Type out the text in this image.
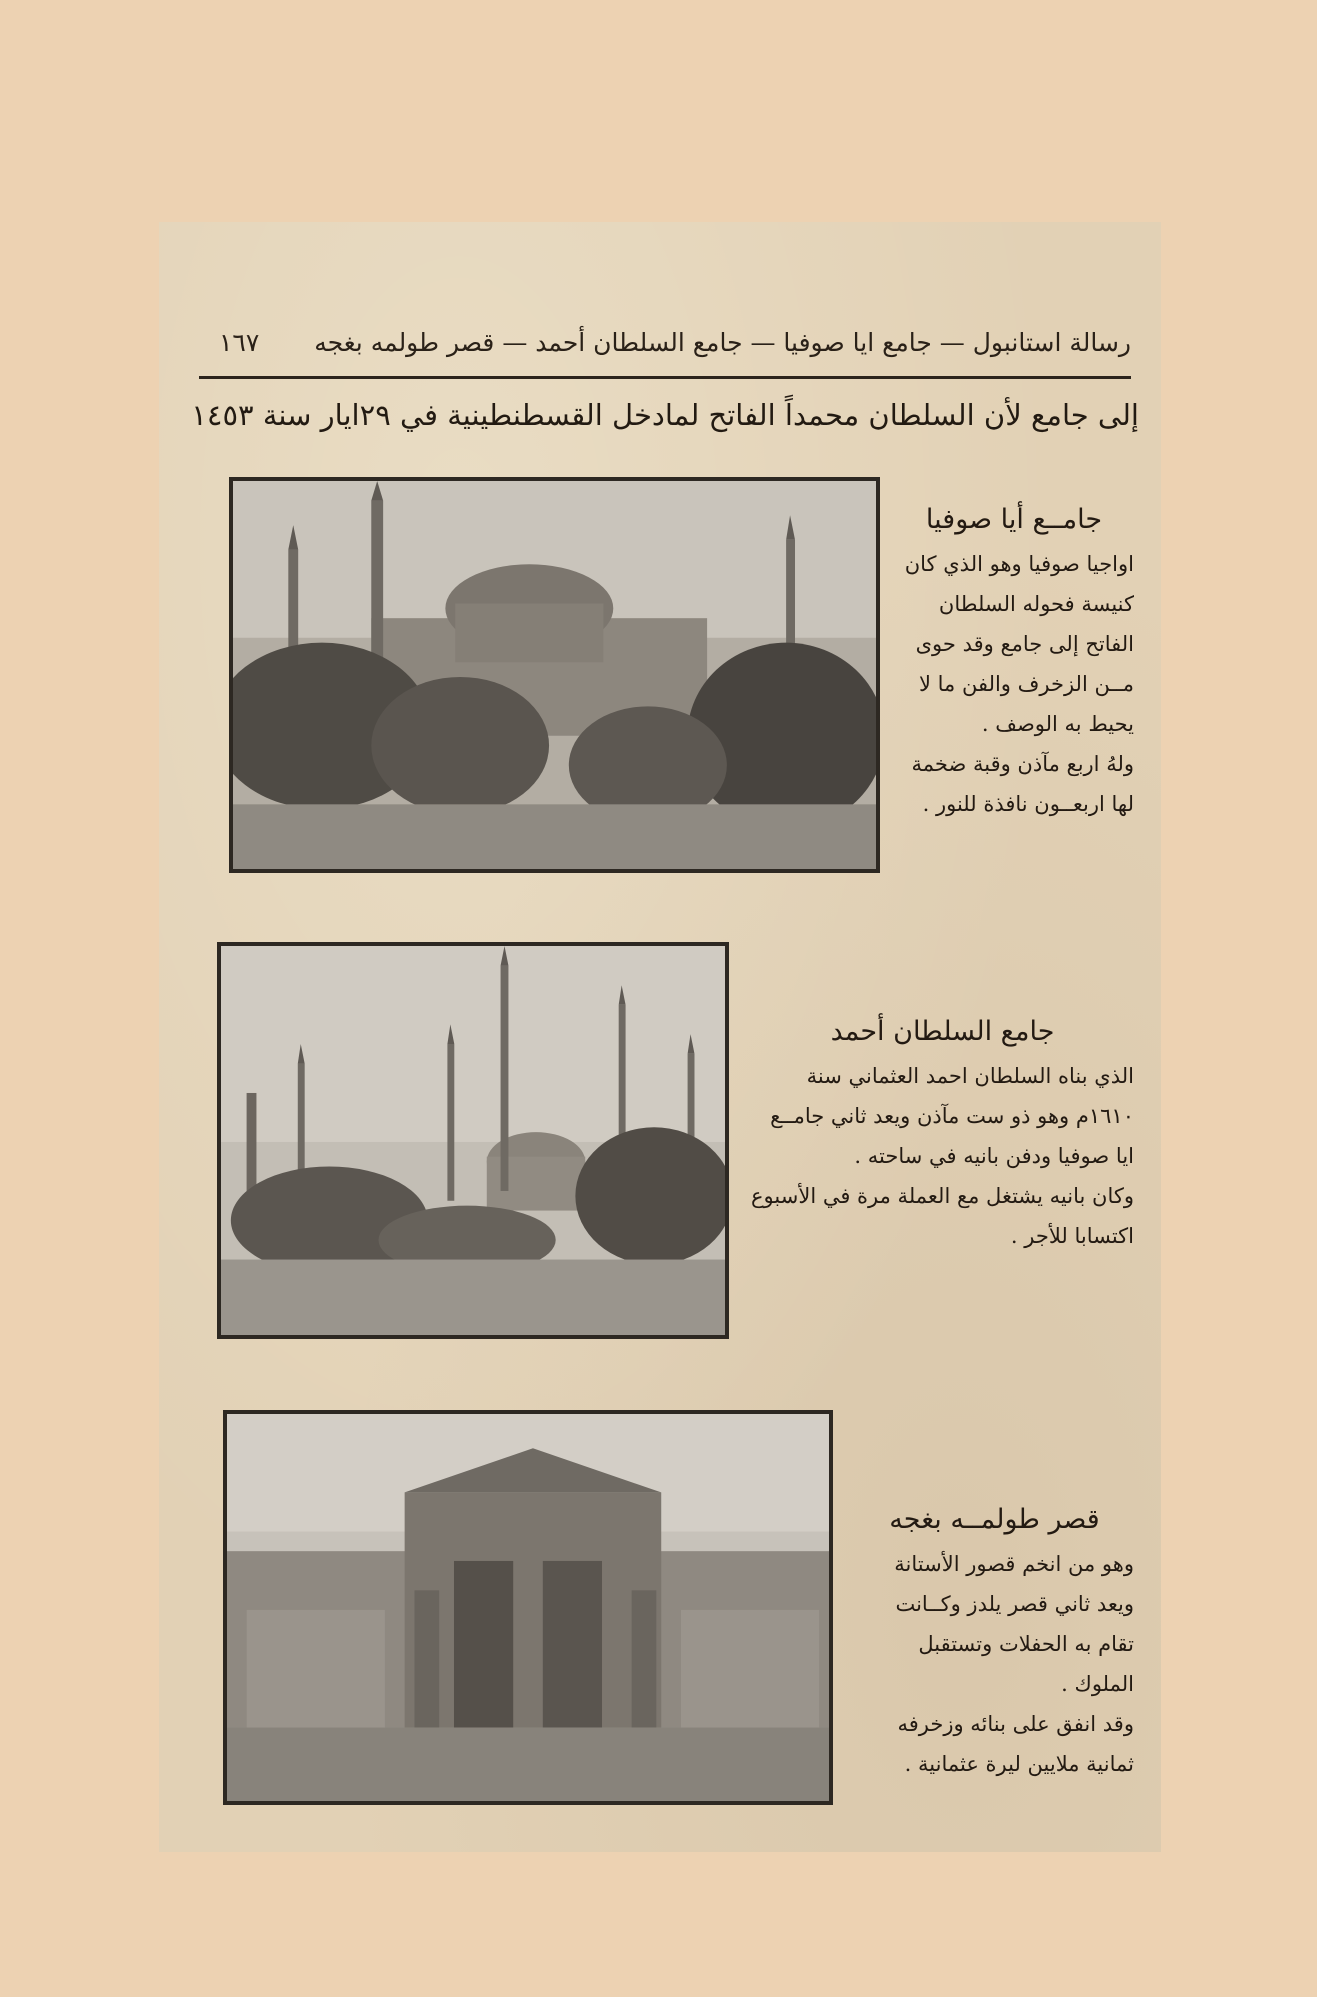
رسالة استانبول — جامع ايا صوفيا — جامع السلطان أحمد — قصر طولمه بغجه
١٦٧
إلى جامع لأن السلطان محمداً الفاتح لمادخل القسطنطينية في ٢٩ايار سنة ١٤٥٣
جامــع أيا صوفيا

اواجيا صوفيا وهو الذي كان كنيسة فحوله السلطان الفاتح إلى جامع وقد حوى مــن الزخرف والفن ما لا يحيط به الوصف .

ولهُ اربع مآذن وقبة ضخمة لها اربعــون نافذة للنور .

جامع السلطان أحمد

الذي بناه السلطان احمد العثماني سنة ١٦١٠م وهو ذو ست مآذن ويعد ثاني جامــع ايا صوفيا ودفن بانيه في ساحته .

وكان بانيه يشتغل مع العملة مرة في الأسبوع اكتسابا للأجر .

قصر طولمــه بغجه

وهو من انخم قصور الأستانة ويعد ثاني قصر يلدز وكــانت تقام به الحفلات وتستقبل الملوك .

وقد انفق على بنائه وزخرفه ثمانية ملايين ليرة عثمانية .
